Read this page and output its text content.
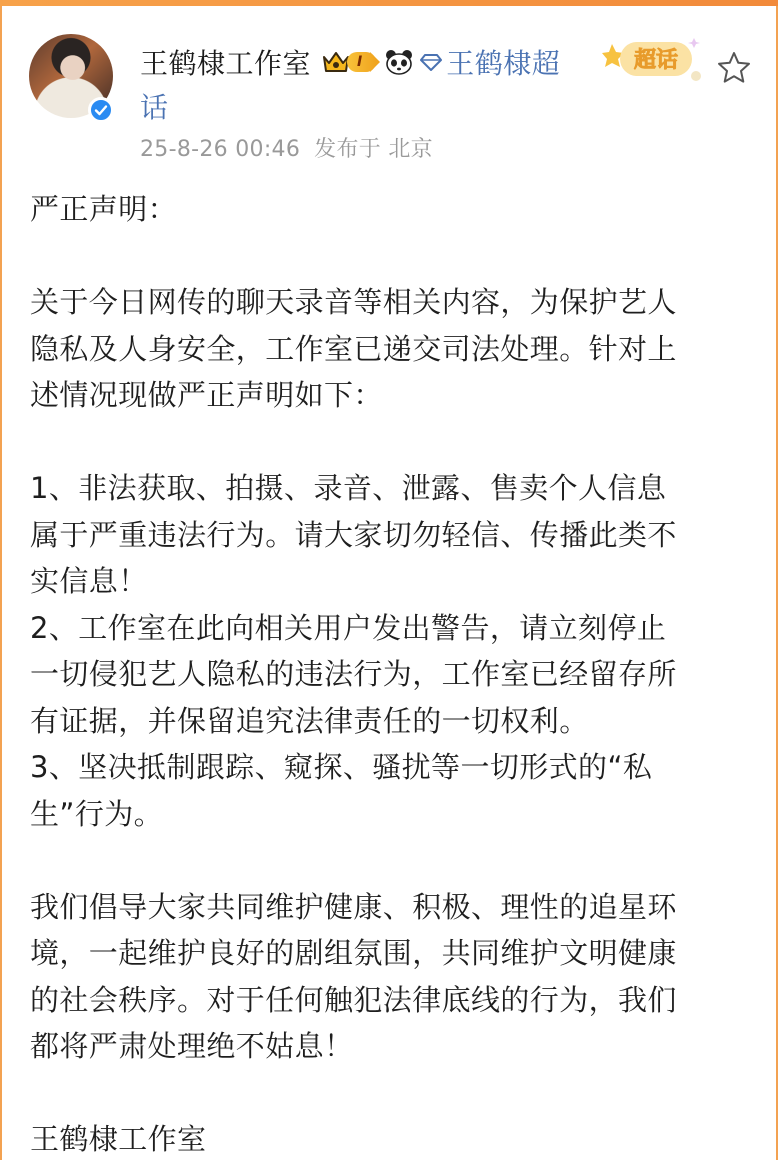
王鹤棣工作室	I	王鹤棣超
话
超话
25-8-26 00:46 发布于 北京

严正声明：

关于今日网传的聊天录音等相关内容，为保护艺人
隐私及人身安全，工作室已递交司法处理。针对上
述情况现做严正声明如下：

1、非法获取、拍摄、录音、泄露、售卖个人信息
属于严重违法行为。请大家切勿轻信、传播此类不
实信息！

2、工作室在此向相关用户发出警告，请立刻停止
一切侵犯艺人隐私的违法行为，工作室已经留存所
有证据，并保留追究法律责任的一切权利。

3、坚决抵制跟踪、窥探、骚扰等一切形式的“私
生”行为。

我们倡导大家共同维护健康、积极、理性的追星环
境，一起维护良好的剧组氛围，共同维护文明健康
的社会秩序。对于任何触犯法律底线的行为，我们
都将严肃处理绝不姑息！

王鹤棣工作室
